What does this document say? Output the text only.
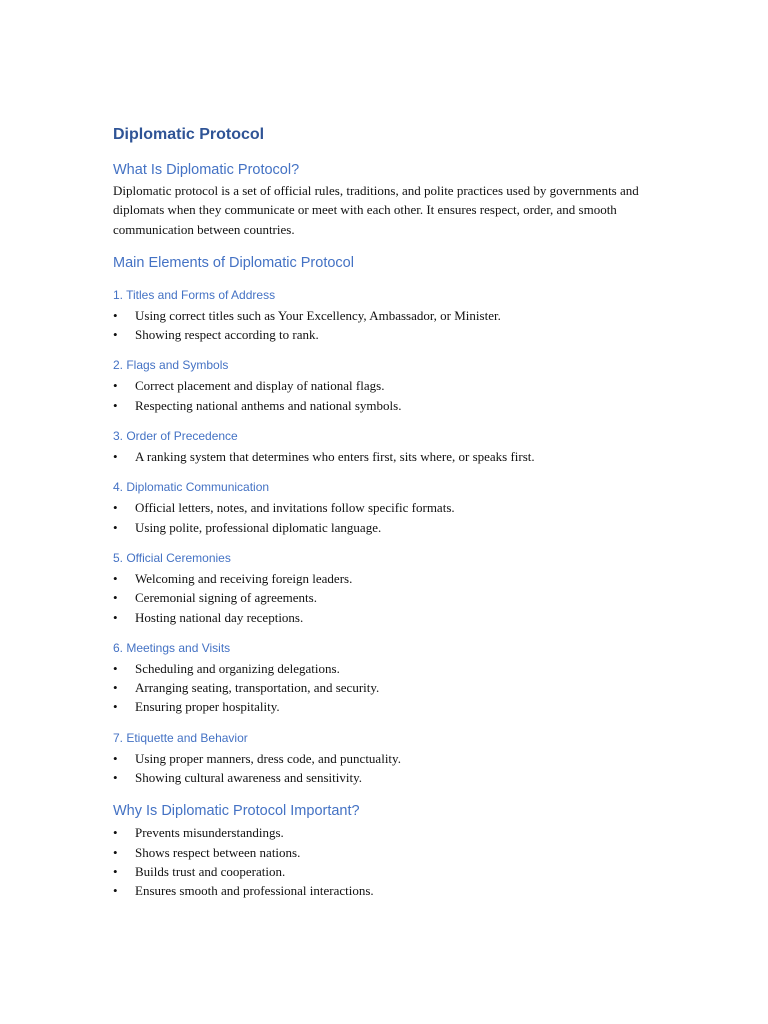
Diplomatic Protocol
What Is Diplomatic Protocol?

Diplomatic protocol is a set of official rules, traditions, and polite practices used by governments and diplomats when they communicate or meet with each other. It ensures respect, order, and smooth communication between countries.

Main Elements of Diplomatic Protocol
1. Titles and Forms of Address
• Using correct titles such as Your Excellency, Ambassador, or Minister.
• Showing respect according to rank.
2. Flags and Symbols
• Correct placement and display of national flags.
• Respecting national anthems and national symbols.
3. Order of Precedence
• A ranking system that determines who enters first, sits where, or speaks first.
4. Diplomatic Communication
• Official letters, notes, and invitations follow specific formats.
• Using polite, professional diplomatic language.
5. Official Ceremonies
• Welcoming and receiving foreign leaders.
• Ceremonial signing of agreements.
• Hosting national day receptions.
6. Meetings and Visits
• Scheduling and organizing delegations.
• Arranging seating, transportation, and security.
• Ensuring proper hospitality.
7. Etiquette and Behavior
• Using proper manners, dress code, and punctuality.
• Showing cultural awareness and sensitivity.
Why Is Diplomatic Protocol Important?
• Prevents misunderstandings.
• Shows respect between nations.
• Builds trust and cooperation.
• Ensures smooth and professional interactions.
